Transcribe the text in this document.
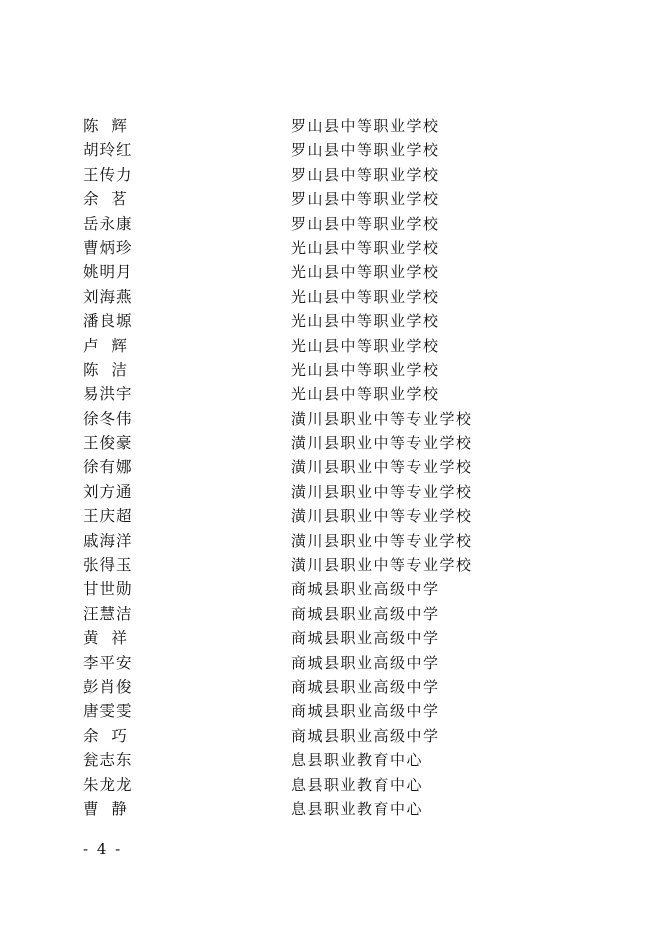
陈  辉	罗山县中等职业学校
胡玲红	罗山县中等职业学校
王传力	罗山县中等职业学校
余  茗	罗山县中等职业学校
岳永康	罗山县中等职业学校
曹炳珍	光山县中等职业学校
姚明月	光山县中等职业学校
刘海燕	光山县中等职业学校
潘良塬	光山县中等职业学校
卢  辉	光山县中等职业学校
陈  洁	光山县中等职业学校
易洪宇	光山县中等职业学校
徐冬伟	潢川县职业中等专业学校
王俊豪	潢川县职业中等专业学校
徐有娜	潢川县职业中等专业学校
刘方通	潢川县职业中等专业学校
王庆超	潢川县职业中等专业学校
戚海洋	潢川县职业中等专业学校
张得玉	潢川县职业中等专业学校
甘世勋	商城县职业高级中学
汪慧洁	商城县职业高级中学
黄  祥	商城县职业高级中学
李平安	商城县职业高级中学
彭肖俊	商城县职业高级中学
唐雯雯	商城县职业高级中学
余  巧	商城县职业高级中学
瓮志东	息县职业教育中心
朱龙龙	息县职业教育中心
曹  静	息县职业教育中心
- 4 -
